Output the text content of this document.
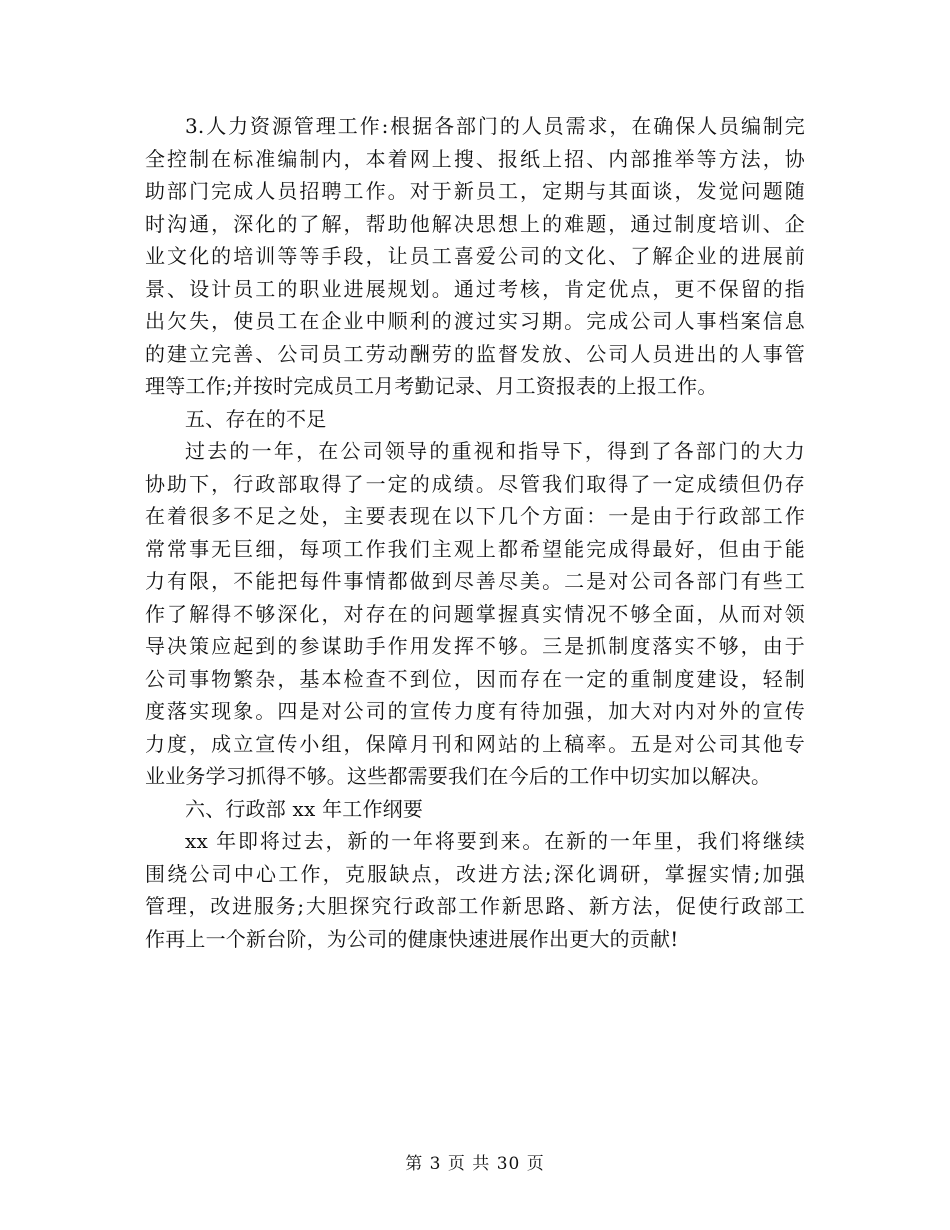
3.人力资源管理工作:根据各部门的人员需求，在确保人员编制完
全控制在标准编制内，本着网上搜、报纸上招、内部推举等方法，协
助部门完成人员招聘工作。对于新员工，定期与其面谈，发觉问题随
时沟通，深化的了解，帮助他解决思想上的难题，通过制度培训、企
业文化的培训等等手段，让员工喜爱公司的文化、了解企业的进展前
景、设计员工的职业进展规划。通过考核，肯定优点，更不保留的指
出欠失，使员工在企业中顺利的渡过实习期。完成公司人事档案信息
的建立完善、公司员工劳动酬劳的监督发放、公司人员进出的人事管
理等工作;并按时完成员工月考勤记录、月工资报表的上报工作。
五、存在的不足
过去的一年，在公司领导的重视和指导下，得到了各部门的大力
协助下，行政部取得了一定的成绩。尽管我们取得了一定成绩但仍存
在着很多不足之处，主要表现在以下几个方面：一是由于行政部工作
常常事无巨细，每项工作我们主观上都希望能完成得最好，但由于能
力有限，不能把每件事情都做到尽善尽美。二是对公司各部门有些工
作了解得不够深化，对存在的问题掌握真实情况不够全面，从而对领
导决策应起到的参谋助手作用发挥不够。三是抓制度落实不够，由于
公司事物繁杂，基本检查不到位，因而存在一定的重制度建设，轻制
度落实现象。四是对公司的宣传力度有待加强，加大对内对外的宣传
力度，成立宣传小组，保障月刊和网站的上稿率。五是对公司其他专
业业务学习抓得不够。这些都需要我们在今后的工作中切实加以解决。
六、行政部 xx 年工作纲要
xx 年即将过去，新的一年将要到来。在新的一年里，我们将继续
围绕公司中心工作，克服缺点，改进方法;深化调研，掌握实情;加强
管理，改进服务;大胆探究行政部工作新思路、新方法，促使行政部工
作再上一个新台阶，为公司的健康快速进展作出更大的贡献!
第 3 页 共 30 页
